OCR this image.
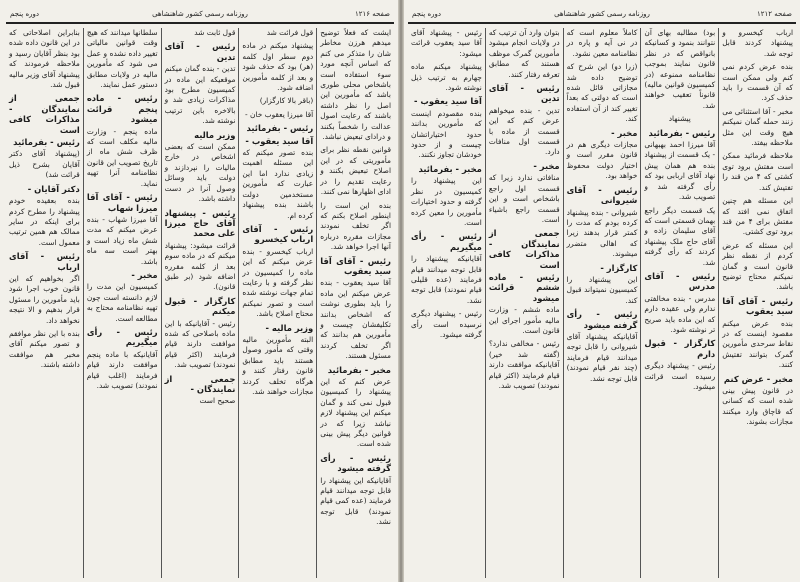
صفحه ۱۲۱۶
روزنامه رسمی کشور شاهنشاهی
دوره پنجم

ایشت که فعلاً توضیح میدهم هرزن مخاطر شان را متذکر می کنم که اساس آنچه مورد سوء استفاده است باشخاص محلی طوری باشد که مأمورین این اصل را نظر داشته باشند که رعایت اصول عدالت را شخصاً بکنند و درادای تبعیض نباشد.

قوانین نقطه نظر برای مأموریتی که در این اصلاح تبعیض بکنند و رعایت تقدیم را در ادای اظهارها نمی کنند.

بنده این است را اینطور اصلاح بکنم که اگر تخلف نمودند مجازات مقرره درباره آنها اجرا خواهد شد.

رئیس - آقای آقا سید یعقوب

آقا سید یعقوب - بنده عرض میکنم این ماده را باید بطوری نوشت که اشخاص بدانند تکلیفشان چیست و مأمورین هم بدانند که اگر تخلف کردند مسئول هستند.

مخبر - بفرمائید

عرض کنم که این پیشنهاد را کمیسیون قبول نمی کند و گمان میکنم این پیشنهاد لازم نباشد زیرا که در قوانین دیگر پیش بینی شده است.

رئیس - رأی گرفته میشود

آقایانیکه این پیشنهاد را قابل توجه میدانند قیام فرمایند (عده کمی قیام نمودند) قابل توجه نشد.

قول فرائت شد

پیشنهاد میکنم در ماده دوم سطر اول کلمه (هر) بود که حذف شود و بعد از کلمه مأمورین اضافه شود.

(باقر بالا کارگزار)

آقا میرزا یعقوب خان -

رئیس - بفرمائید

آقا سید یعقوب -

بنده تصور میکنم که این مسئله اهمیت زیادی ندارد اما این عبارت که مأمورین مستخدمین دولت باشند بنده پیشنهاد کرده ام.

رئیس - آقای ارباب کیخسرو

ارباب کیخسرو - بنده عرض میکنم که این ماده را کمیسیون در نظر گرفته و با رعایت تمام جهات نوشته شده است و تصور نمیکنم محتاج اصلاح باشد.

وزیر مالیه -

البته مأمورین مالیه وقتی که مأمور وصول هستند باید مطابق قانون رفتار کنند و هرگاه تخلف کردند مجازات خواهند شد.

قول ثابت شد

رئیس - آقای تدین

تدین - بنده گمان میکنم موقعیکه این ماده در کمیسیون مطرح بود مذاکرات زیادی شد و بالاخره باین ترتیب نوشته شد.

وزیر مالیه

ممکن است که بعضی اشخاص در خارج مالیات را نپردازند و دولت باید وسائل وصول آنرا در دست داشته باشد.

رئیس - پیشنهاد آقای حاج میرزا علی محمد

قرائت میشود: پیشنهاد میکنم که در ماده سوم بعد از کلمه مقرره اضافه شود (بر طبق قانون).

کارگزار - قبول میکنم

رئیس - آقایانیکه با این ماده باصلاحی که شده موافقت دارند قیام فرمایند (اکثر قیام نمودند) تصویب شد.

جمعی از نمایندگان -

صحیح است

سلطانها میدانند که هیچ وقت قوانین مالیاتی تغییر داده نشده و عمل می شود که مأمورین مالیه در ولایات مطابق دستور عمل نمایند.

رئیس - ماده پنجم قرائت میشود

ماده پنجم - وزارت مالیه مکلف است که ظرف شش ماه از تاریخ تصویب این قانون نظامنامه آنرا تهیه نماید.

رئیس - آقای آقا میرزا شهاب

آقا میرزا شهاب - بنده عرض میکنم که مدت شش ماه زیاد است و بهتر است سه ماه باشد.

مخبر -

کمیسیون این مدت را لازم دانسته است چون تهیه نظامنامه محتاج به مطالعه است.

رئیس - رأی میگیریم

آقایانیکه با ماده پنجم موافقت دارند قیام فرمایند (اغلب قیام نمودند) تصویب شد.

بنابراین اصلاحاتی که در این قانون داده شده بود بنظر آقایان رسید و ملاحظه فرمودند که پیشنهاد آقای وزیر مالیه قبول شد.

جمعی از نمایندگان - مذاکرات کافی است

رئیس - بفرمائید

(پیشنهاد آقای دکتر آقایان بشرح ذیل قرائت شد)

دکتر آقایان -

بنده بعقیده خودم پیشنهاد را مطرح کردم برای اینکه در سایر ممالک هم همین ترتیب معمول است.

رئیس - آقای ارباب

اگر بخواهیم که این قانون خوب اجرا شود باید مأمورین را مسئول قرار بدهیم و الا نتیجه نخواهد داد.

بنده با این نظر موافقم و تصور میکنم آقای مخبر هم موافقت داشته باشند.

صفحه ۱۲۱۲
روزنامه رسمی کشور شاهنشاهی
دوره پنجم

ارباب کیخسرو و پیشنهاد کردند قابل توجه شد.

بنده عرض کردم نمی کنم ولی ممکن است که آن قسمت را باید حذف کرد.

مخبر - آقا استثنائی می زنند حمله گمان نمیکنم هیچ وقت این مثل ملاحظه بیفتد.

ملاحظه فرمائید ممکن است مفتش برود توی کشتی که ۴ من قند را تفتیش کند.

این مسئله هم چنین اتفاق نمی افتد که مفتش برای ۴ من قند برود توی کشتی.

این مسئله که عرض کردم از نقطه نظر قانون است و گمان نمیکنم محتاج توضیح باشد.

رئیس - آقای آقا سید یعقوب

بنده عرض میکنم مقصود اینست که در نقاط سرحدی مأمورین گمرک بتوانند تفتیش کنند.

مخبر - عرض کنم

در قانون پیش بینی شده است که کسانی که قاچاق وارد میکنند مجازات بشوند.

بود) مطالبه بهای آن نتوانند بنمود و کسانیکه بانواقص که در نظر قانون نمایند بموجب نظامنامه ممنوعه (در کمیسیون قوانین مالیه) قانوناً تعقیب خواهند شد.

پیشنهاد

رئیس - بفرمائید

آقا میرزا احمد بهبهانی - یک قسمت از پیشنهاد بنده هم همان پیش نهاد آقای اربابی بود که رأی گرفته شد و تصویب شد.

یک قسمت دیگر راجع بهمان قسمتی است که آقای سلیمان زاده و آقای حاج ملک پیشنهاد کردند که رأی گرفته شد.

رئیس - آقای مدرس

مدرس - بنده مخالفتی ندارم ولی عقیده دارم که این ماده باید صریح تر نوشته شود.

کارگزار - قبول دارم

رئیس - پیشنهاد دیگری رسیده است قرائت میشود.

کاملاً معلوم است که در نی آیه و پاره در نظامنامه معین نشود.

(زرا دو) این شرح که توضیح داده شد مجازاتی قائل شده است که دولتی که بعداً تغییر کند از آن استفاده کند.

مخبر -

مجازات دیگری هم در قانون مقرر است و اختیار دولت محفوظ خواهد بود.

رئیس - آقای شیروانی

شیروانی - بنده پیشنهاد کرده بودم که مدت را کمتر قرار بدهند زیرا که اهالی متضرر میشوند.

کارگزار -

این پیشنهاد را کمیسیون نمیتواند قبول کند.

رئیس - رأی گرفته میشود

آقایانیکه پیشنهاد آقای شیروانی را قابل توجه میدانند قیام فرمایند (چند نفر قیام نمودند) قابل توجه نشد.

بتوان وارد آن ترتیب که در ولایات انجام میشود مأمورین گمرک موظف هستند که مطابق تعرفه رفتار کنند.

رئیس - آقای تدین

تدین - بنده میخواهم عرض کنم که این قسمت از ماده با قسمت اول منافات دارد.

مخبر -

منافاتی ندارد زیرا که قسمت اول راجع باشخاص است و این قسمت راجع باشیاء است.

جمعی از نمایندگان - مذاکرات کافی است

رئیس - ماده ششم قرائت میشود

ماده ششم - وزارت مالیه مأمور اجرای این قانون است.

رئیس - مخالفی ندارد؟ (گفته شد خیر) آقایانیکه موافقت دارند قیام فرمایند (اکثر قیام نمودند) تصویب شد.

رئیس - پیشنهاد آقای آقا سید یعقوب قرائت میشود:

پیشنهاد میکنم ماده چهارم به ترتیب ذیل نوشته شود.

آقا سید یعقوب -

بنده مقصودم اینست که مأمورین بدانند حدود اختیاراتشان چیست و از حدود خودشان تجاوز نکنند.

مخبر - بفرمائید

این پیشنهاد را کمیسیون در نظر گرفته و حدود اختیارات مأمورین را معین کرده است.

رئیس - رأی میگیریم

آقایانیکه پیشنهاد را قابل توجه میدانند قیام فرمایند (عده قلیلی قیام نمودند) قابل توجه نشد.

رئیس - پیشنهاد دیگری نرسیده است رأی گرفته میشود.
